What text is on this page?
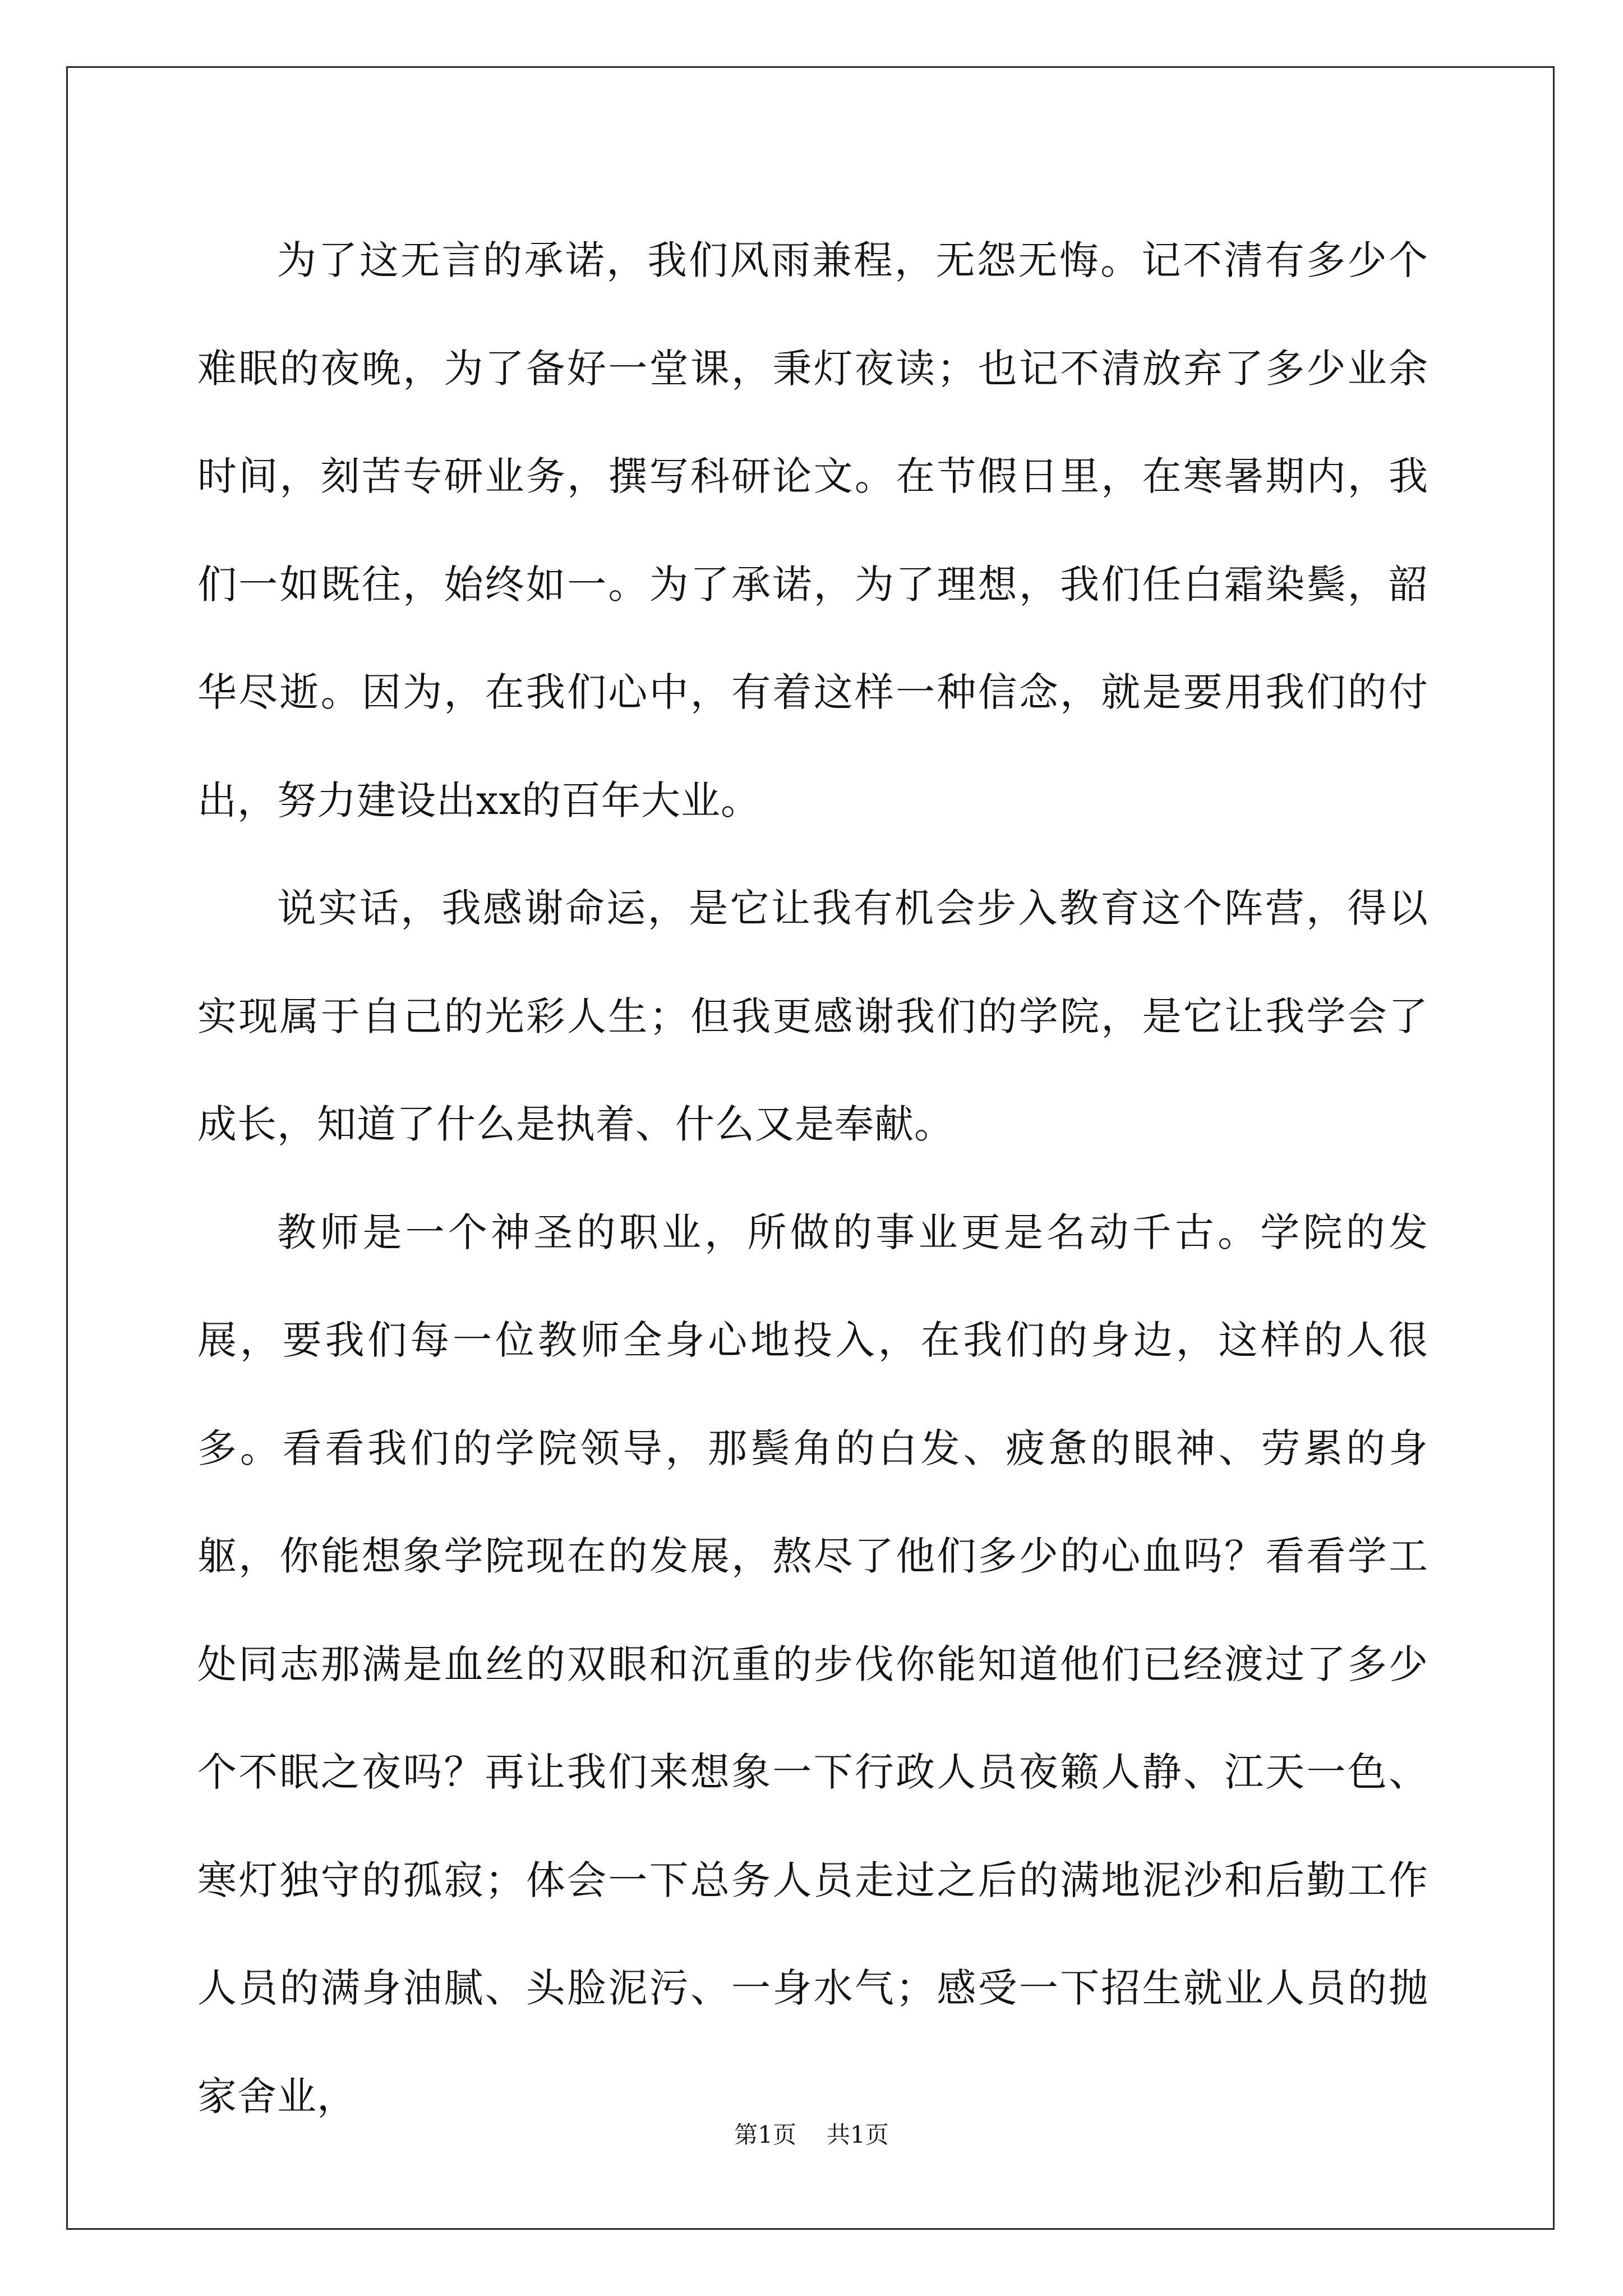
为了这无言的承诺，我们风雨兼程，无怨无悔。记不清有多少个难眠的夜晚，为了备好一堂课，秉灯夜读；也记不清放弃了多少业余时间，刻苦专研业务，撰写科研论文。在节假日里，在寒暑期内，我们一如既往，始终如一。为了承诺，为了理想，我们任白霜染鬓，韶华尽逝。因为，在我们心中，有着这样一种信念，就是要用我们的付出，努力建设出xx的百年大业。

说实话，我感谢命运，是它让我有机会步入教育这个阵营，得以实现属于自己的光彩人生；但我更感谢我们的学院，是它让我学会了成长，知道了什么是执着、什么又是奉献。

教师是一个神圣的职业，所做的事业更是名动千古。学院的发展，要我们每一位教师全身心地投入，在我们的身边，这样的人很多。看看我们的学院领导，那鬓角的白发、疲惫的眼神、劳累的身躯，你能想象学院现在的发展，熬尽了他们多少的心血吗？看看学工处同志那满是血丝的双眼和沉重的步伐你能知道他们已经渡过了多少个不眠之夜吗？再让我们来想象一下行政人员夜籁人静、江天一色、寒灯独守的孤寂；体会一下总务人员走过之后的满地泥沙和后勤工作人员的满身油腻、头脸泥污、一身水气；感受一下招生就业人员的抛家舍业，

第1页 共1页
